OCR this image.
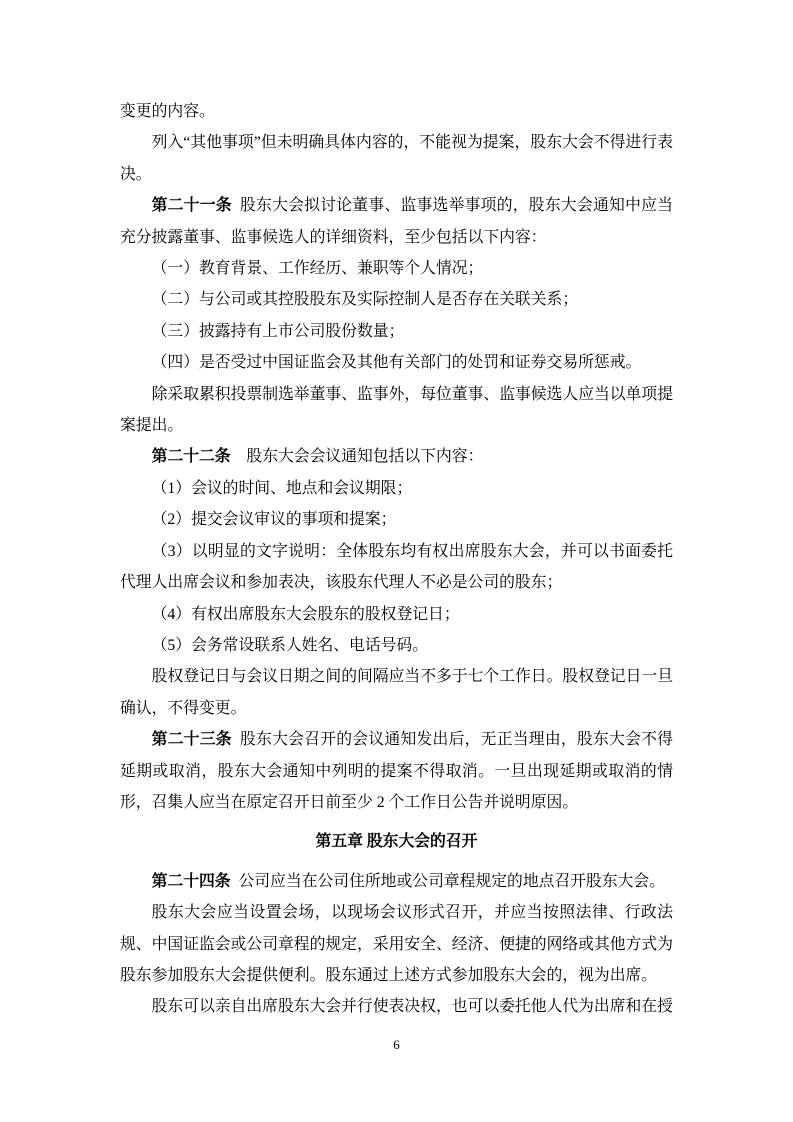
变更的内容。

列入“其他事项”但未明确具体内容的，不能视为提案，股东大会不得进行表决。

第二十一条  股东大会拟讨论董事、监事选举事项的，股东大会通知中应当充分披露董事、监事候选人的详细资料，至少包括以下内容：

（一）教育背景、工作经历、兼职等个人情况；

（二）与公司或其控股股东及实际控制人是否存在关联关系；

（三）披露持有上市公司股份数量；

（四）是否受过中国证监会及其他有关部门的处罚和证券交易所惩戒。

除采取累积投票制选举董事、监事外，每位董事、监事候选人应当以单项提案提出。

第二十二条　 股东大会会议通知包括以下内容：

（1）会议的时间、地点和会议期限；

（2）提交会议审议的事项和提案；

（3）以明显的文字说明：全体股东均有权出席股东大会，并可以书面委托代理人出席会议和参加表决，该股东代理人不必是公司的股东；

（4）有权出席股东大会股东的股权登记日；

（5）会务常设联系人姓名、电话号码。

股权登记日与会议日期之间的间隔应当不多于七个工作日。股权登记日一旦确认，不得变更。

第二十三条  股东大会召开的会议通知发出后，无正当理由，股东大会不得延期或取消，股东大会通知中列明的提案不得取消。一旦出现延期或取消的情形，召集人应当在原定召开日前至少 2 个工作日公告并说明原因。

第五章 股东大会的召开

第二十四条  公司应当在公司住所地或公司章程规定的地点召开股东大会。

股东大会应当设置会场，以现场会议形式召开，并应当按照法律、行政法规、中国证监会或公司章程的规定，采用安全、经济、便捷的网络或其他方式为股东参加股东大会提供便利。股东通过上述方式参加股东大会的，视为出席。

股东可以亲自出席股东大会并行使表决权，也可以委托他人代为出席和在授

6
